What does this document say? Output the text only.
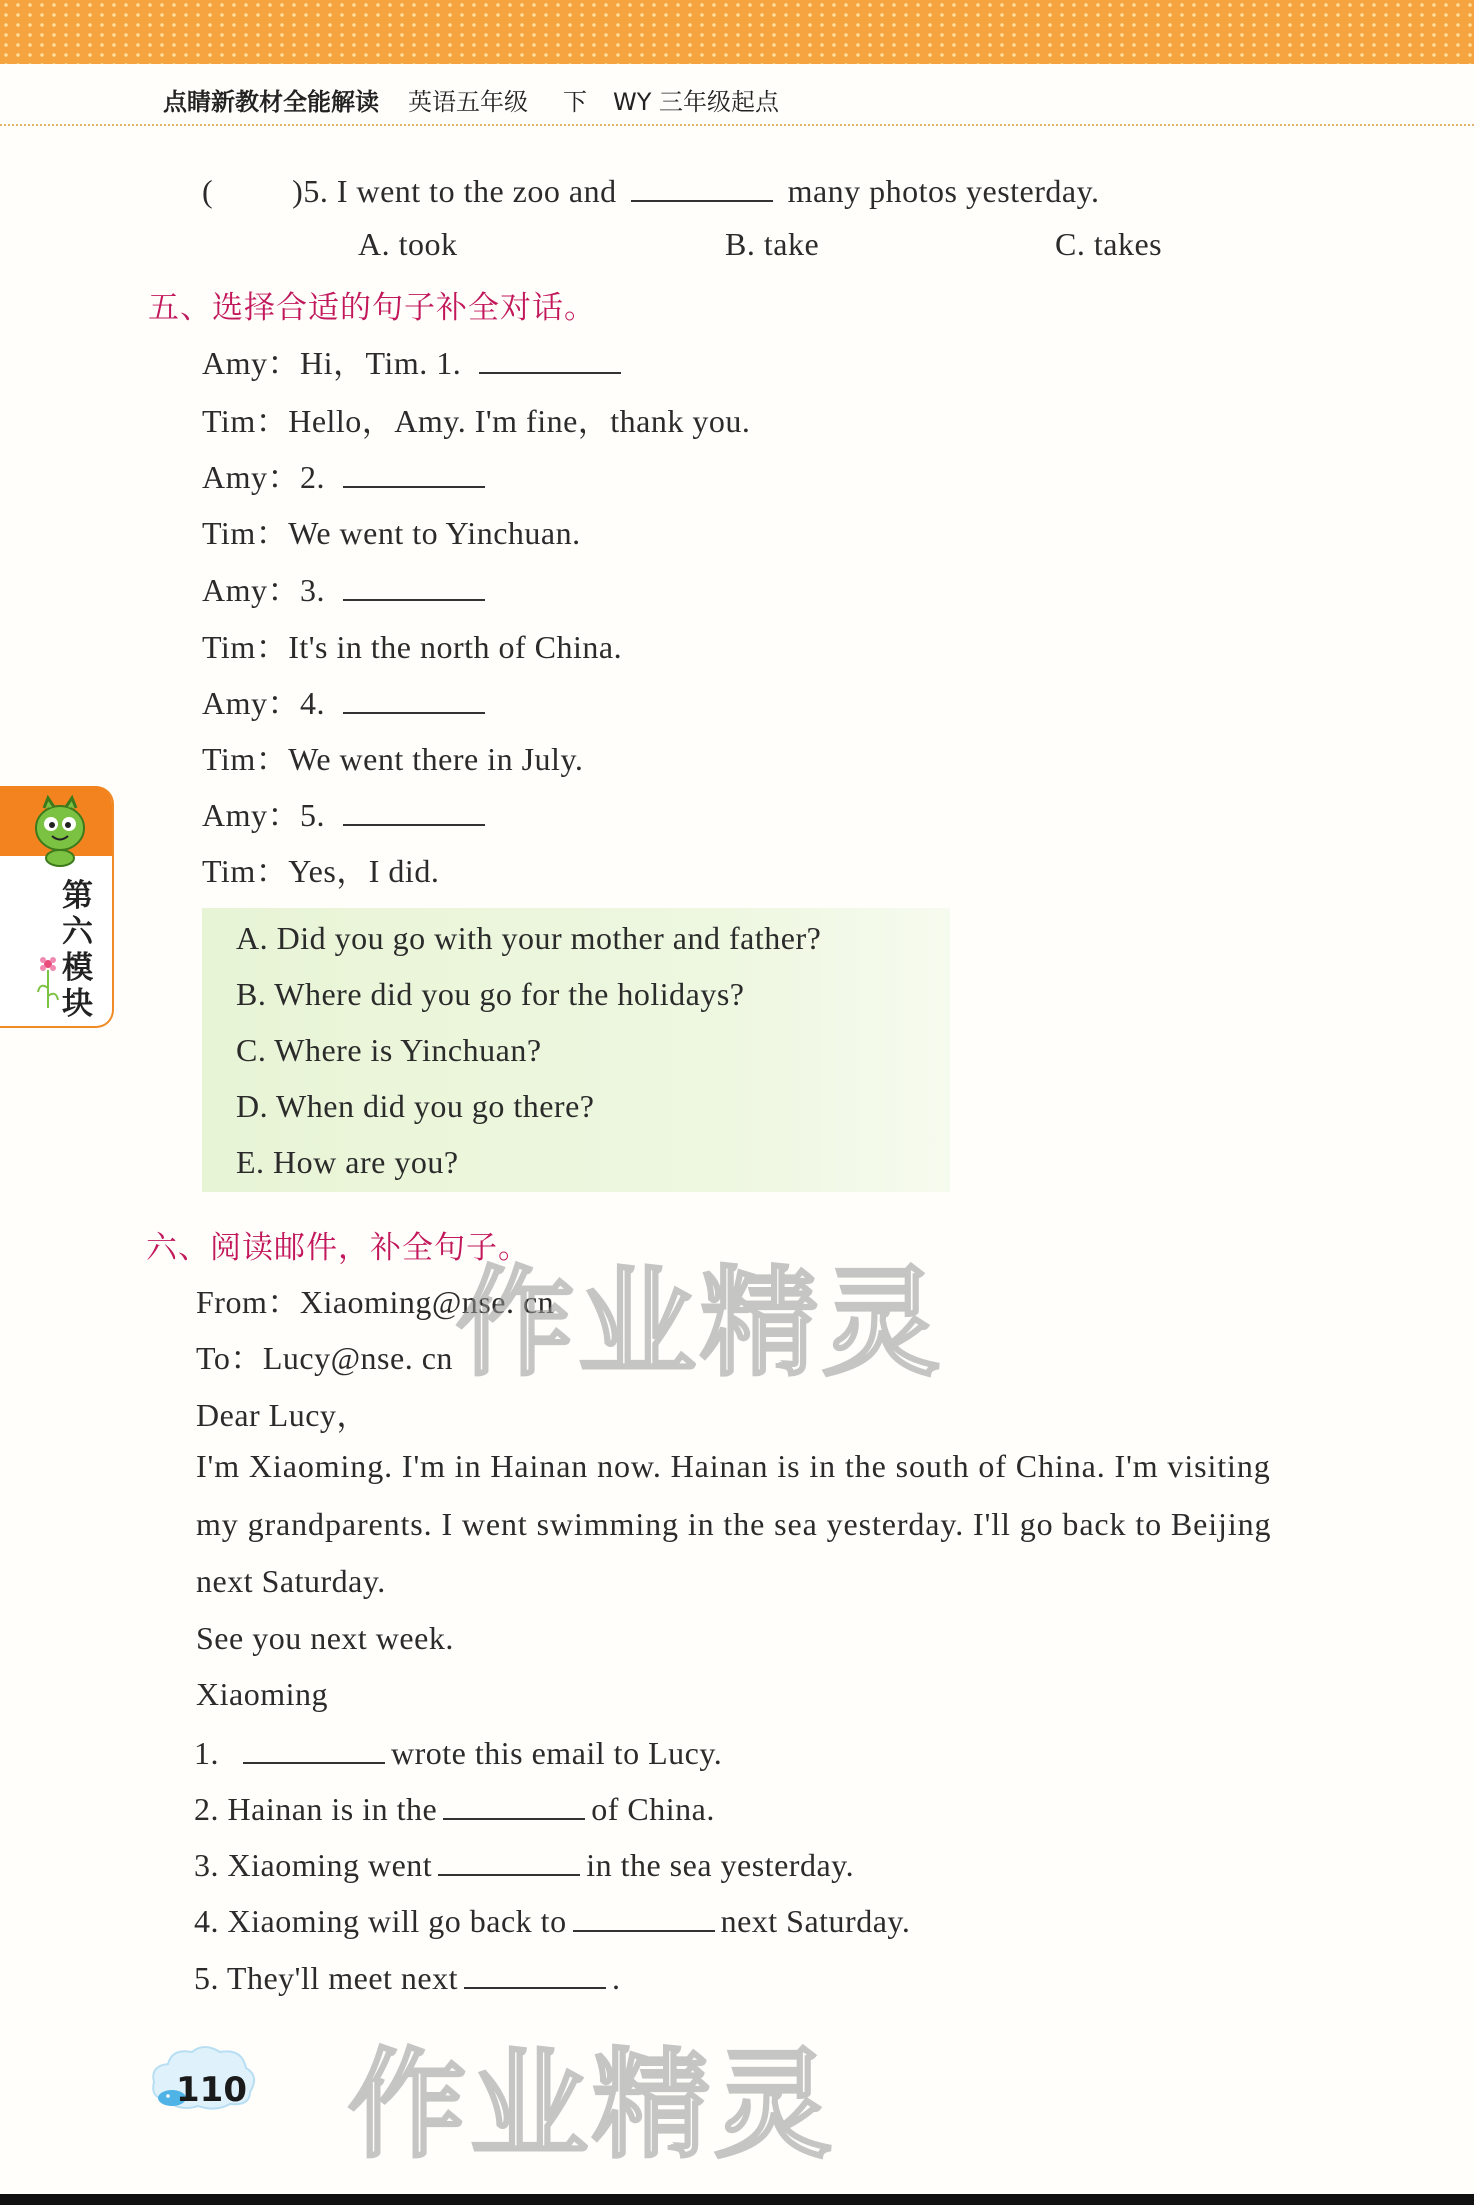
点睛新教材全能解读 英语五年级 下 WY 三年级起点
( )5. I went to the zoo and	many photos yesterday.
A. took	B. take	C. takes
五、选择合适的句子补全对话。
Amy：Hi，Tim. 1.
Tim：Hello，Amy. I'm fine，thank you.
Amy：2.
Tim：We went to Yinchuan.
Amy：3.
Tim：It's in the north of China.
Amy：4.
Tim：We went there in July.
Amy：5.
Tim：Yes，I did.
A. Did you go with your mother and father?
B. Where did you go for the holidays?
C. Where is Yinchuan?
D. When did you go there?
E. How are you?
第六模块
六、阅读邮件，补全句子。
From：Xiaoming@nse. cn
To：Lucy@nse. cn
Dear Lucy，
I'm Xiaoming. I'm in Hainan now. Hainan is in the south of China. I'm visiting
my grandparents. I went swimming in the sea yesterday. I'll go back to Beijing
next Saturday.
See you next week.
Xiaoming
1.	wrote this email to Lucy.
2. Hainan is in the	of China.
3. Xiaoming went	in the sea yesterday.
4. Xiaoming will go back to	next Saturday.
5. They'll meet next	.
作业精灵
作业精灵
110
